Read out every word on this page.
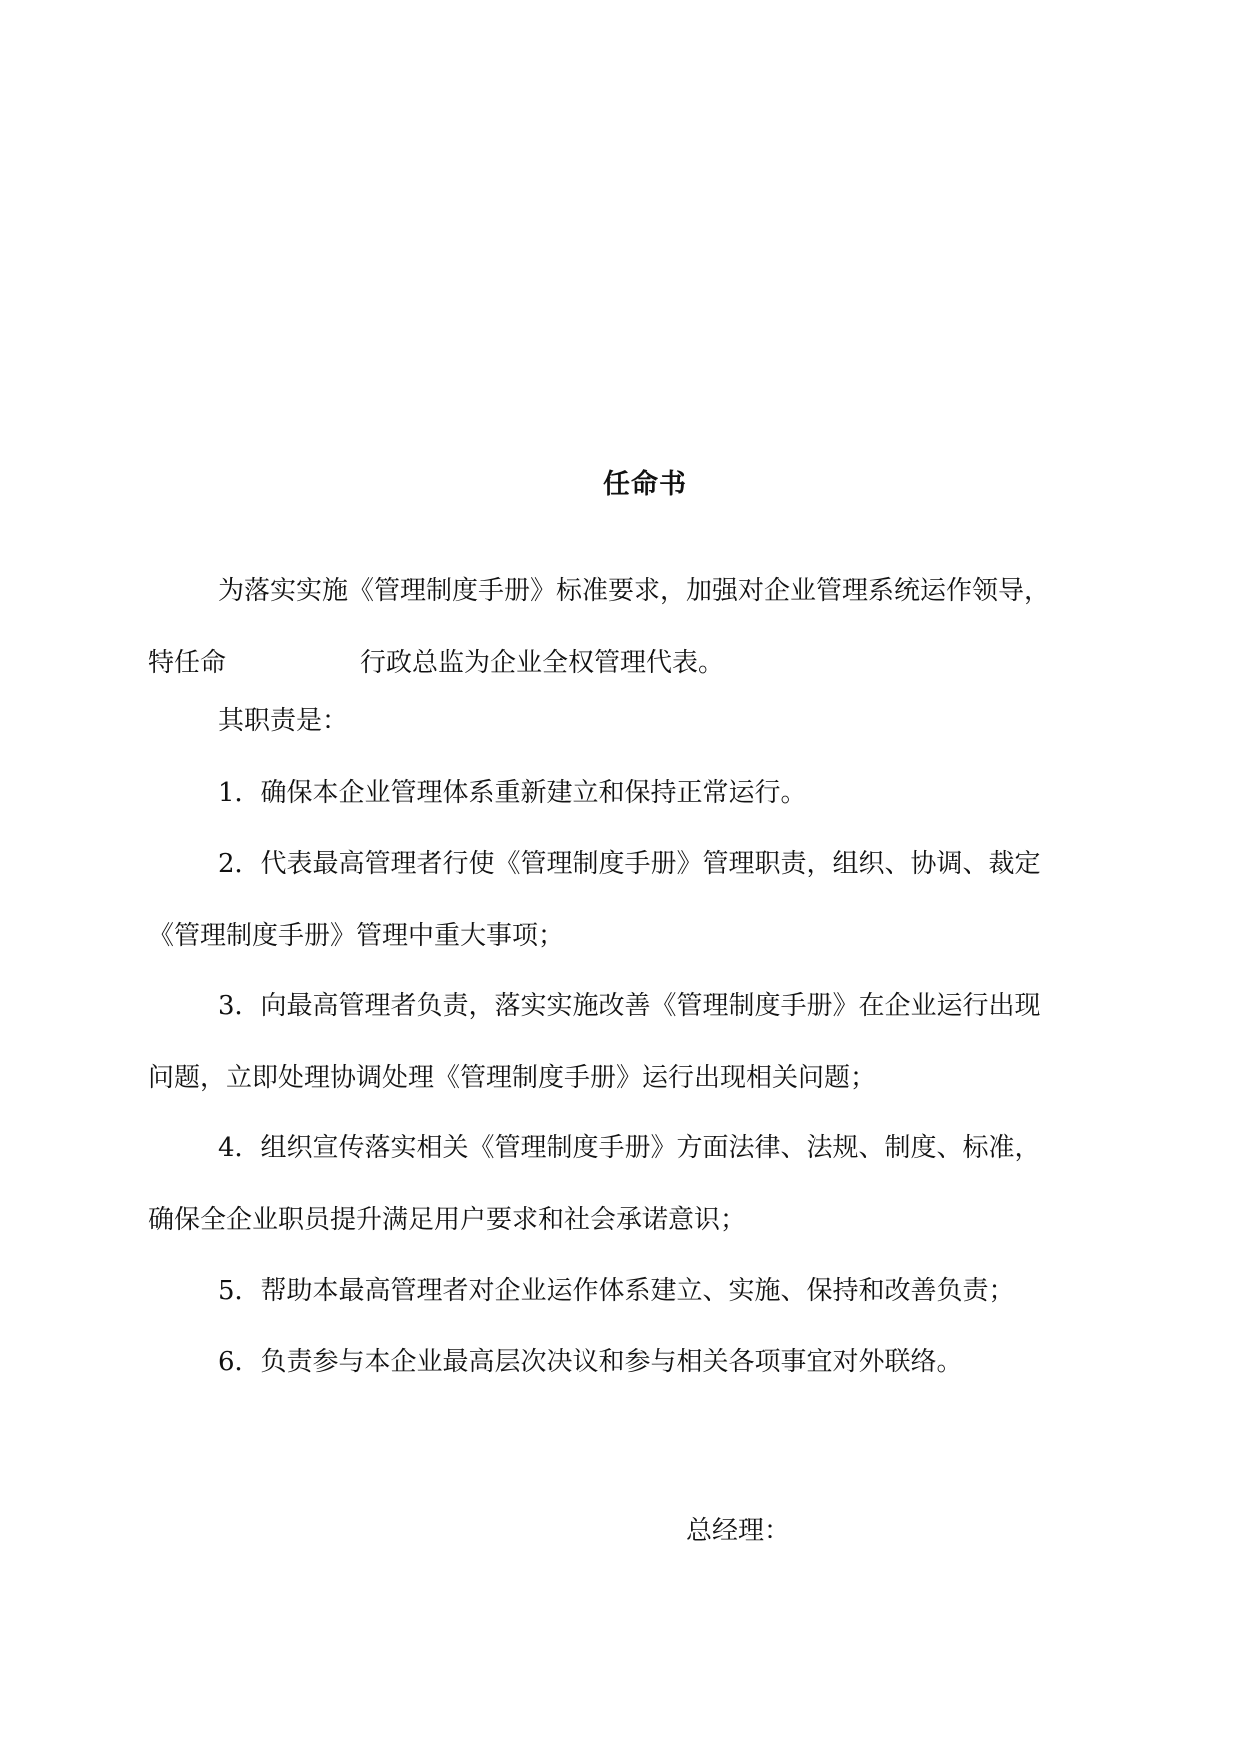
任命书
为落实实施《管理制度手册》标准要求，加强对企业管理系统运作领导，
特任命	行政总监为企业全权管理代表。
其职责是：
1．确保本企业管理体系重新建立和保持正常运行。
2．代表最高管理者行使《管理制度手册》管理职责，组织、协调、裁定
《管理制度手册》管理中重大事项；
3．向最高管理者负责，落实实施改善《管理制度手册》在企业运行出现
问题，立即处理协调处理《管理制度手册》运行出现相关问题；
4．组织宣传落实相关《管理制度手册》方面法律、法规、制度、标准，
确保全企业职员提升满足用户要求和社会承诺意识；
5．帮助本最高管理者对企业运作体系建立、实施、保持和改善负责；
6．负责参与本企业最高层次决议和参与相关各项事宜对外联络。
总经理：
